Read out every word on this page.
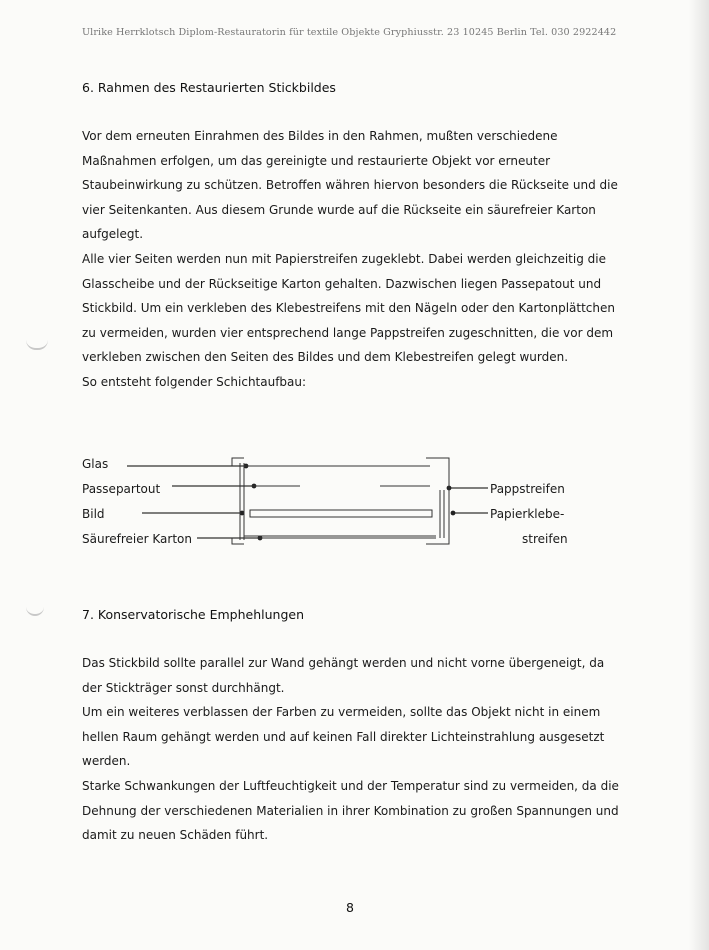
Ulrike Herrklotsch Diplom-Restauratorin für textile Objekte Gryphiusstr. 23 10245 Berlin Tel. 030 2922442
6. Rahmen des Restaurierten Stickbildes

Vor dem erneuten Einrahmen des Bildes in den Rahmen, mußten verschiedene Maßnahmen erfolgen, um das gereinigte und restaurierte Objekt vor erneuter Staubeinwirkung zu schützen. Betroffen währen hiervon besonders die Rückseite und die vier Seitenkanten. Aus diesem Grunde wurde auf die Rückseite ein säurefreier Karton aufgelegt.

Alle vier Seiten werden nun mit Papierstreifen zugeklebt. Dabei werden gleichzeitig die Glasscheibe und der Rückseitige Karton gehalten. Dazwischen liegen Passepatout und Stickbild. Um ein verkleben des Klebestreifens mit den Nägeln oder den Kartonplättchen zu vermeiden, wurden vier entsprechend lange Pappstreifen zugeschnitten, die vor dem verkleben zwischen den Seiten des Bildes und dem Klebestreifen gelegt wurden.

So entsteht folgender Schichtaufbau:

Glas
Passepartout
Bild
Säurefreier Karton
Pappstreifen
Papierklebe-
streifen
7. Konservatorische Emphehlungen

Das Stickbild sollte parallel zur Wand gehängt werden und nicht vorne übergeneigt, da der Stickträger sonst durchhängt.

Um ein weiteres verblassen der Farben zu vermeiden, sollte das Objekt nicht in einem hellen Raum gehängt werden und auf keinen Fall direkter Lichteinstrahlung ausgesetzt werden.

Starke Schwankungen der Luftfeuchtigkeit und der Temperatur sind zu vermeiden, da die Dehnung der verschiedenen Materialien in ihrer Kombination zu großen Spannungen und damit zu neuen Schäden führt.

8
